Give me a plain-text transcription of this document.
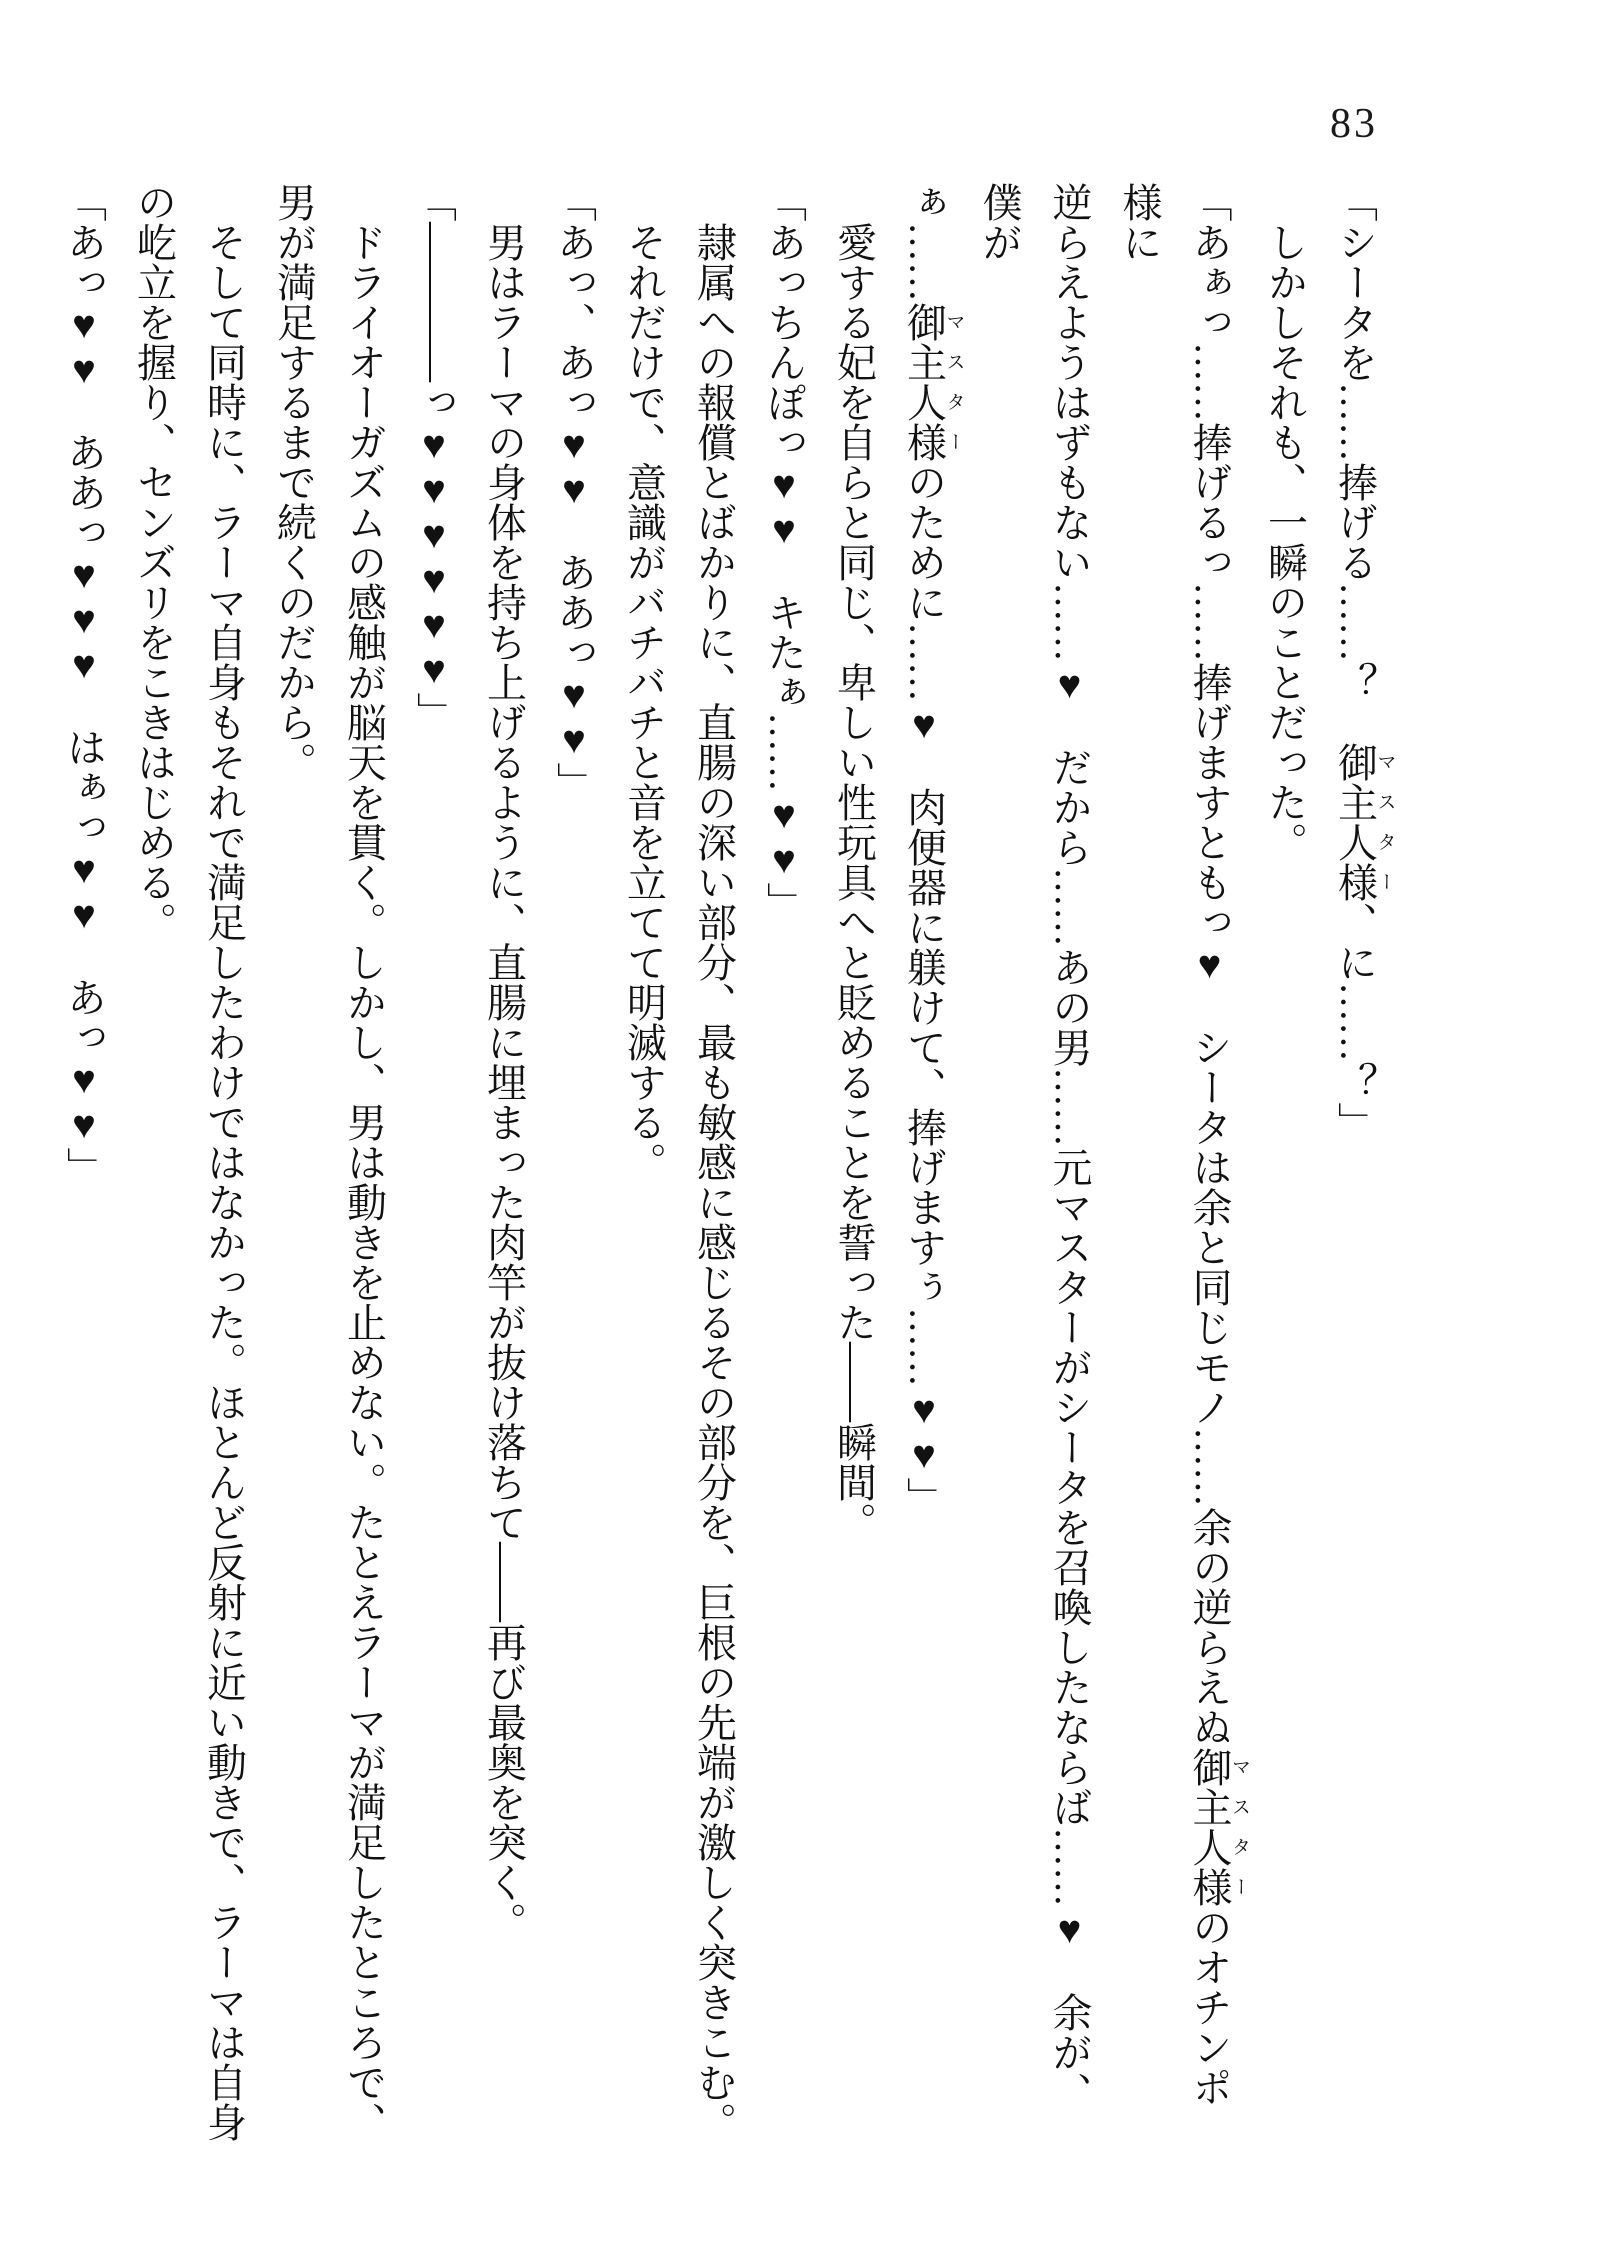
83
「シータを……捧げる……？　御主人様マスター、に……？」
しかしそれも、一瞬のことだった。
「あぁっ……捧げるっ……捧げますともっ♥　シータは余と同じモノ……余の逆らえぬ御主人様マスターのオチンポ様に
逆らえようはずもない……♥　だから……あの男……元マスターがシータを召喚したならば……♥　余が、僕が
ぁ……御主人様マスターのために……♥　肉便器に躾けて、捧げますぅ……♥♥」
愛する妃を自らと同じ、卑しい性玩具へと貶めることを誓った——瞬間。
「あっちんぽっ♥♥　キたぁ……♥♥」
隷属への報償とばかりに、直腸の深い部分、最も敏感に感じるその部分を、巨根の先端が激しく突きこむ。
それだけで、意識がバチバチと音を立てて明滅する。
「あっ、あっ♥♥　ああっ♥♥」
男はラーマの身体を持ち上げるように、直腸に埋まった肉竿が抜け落ちて——再び最奥を突く。
「————っ♥♥♥♥♥♥」
ドライオーガズムの感触が脳天を貫く。しかし、男は動きを止めない。たとえラーマが満足したところで、
男が満足するまで続くのだから。
そして同時に、ラーマ自身もそれで満足したわけではなかった。ほとんど反射に近い動きで、ラーマは自身
の屹立を握り、センズリをこきはじめる。
「あっ♥♥　ああっ♥♥♥　はぁっ♥♥　あっ♥♥」
